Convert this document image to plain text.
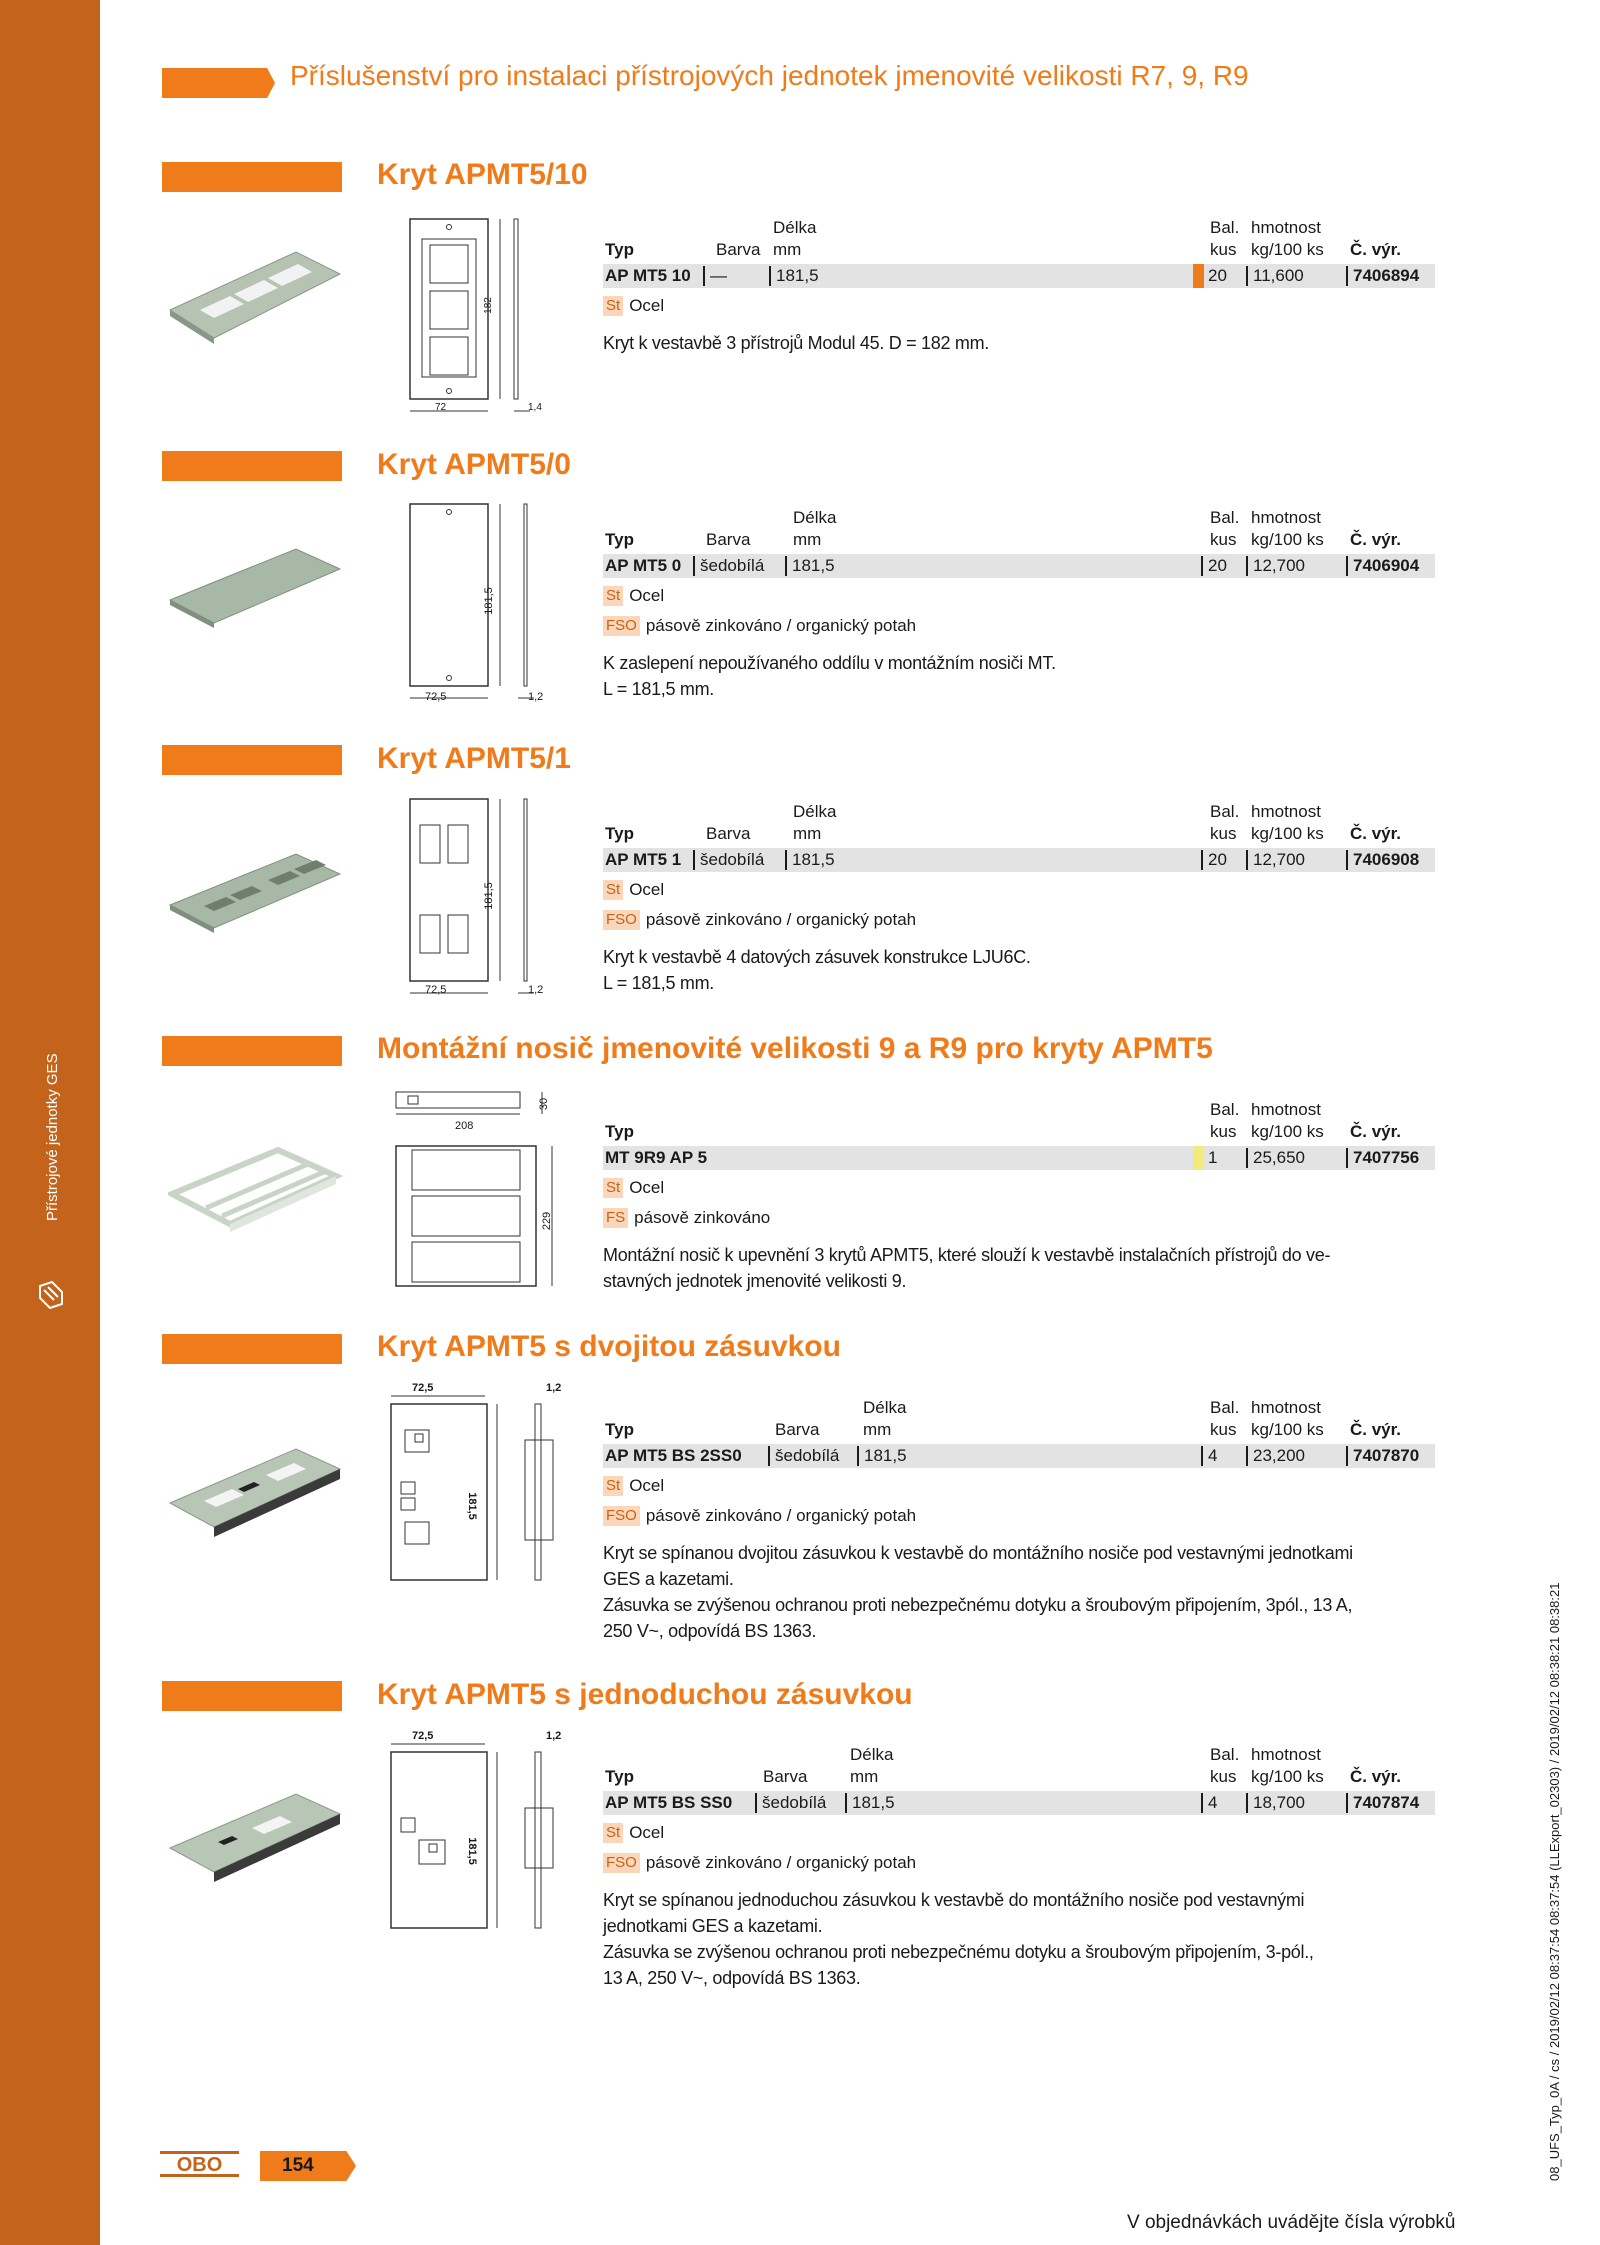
Příslušenství pro instalaci přístrojových jednotek jmenovité velikosti R7, 9, R9
Kryt APMT5/10
72
182
1,4
Délka	Bal. hmotnost
Typ	Barva mm	kus kg/100 ks Č. výr.
AP MT5 10	—	181,5	20	11,600	7406894
St Ocel
Kryt k vestavbě 3 přístrojů Modul 45. D = 182 mm.
Kryt APMT5/0
72,5
181,5
1,2
Délka	Bal. hmotnost
Typ	Barva	mm	kus kg/100 ks Č. výr.
AP MT5 0	šedobílá	181,5	20	12,700	7406904
St Ocel
FSO pásově zinkováno / organický potah
K zaslepení nepoužívaného oddílu v montážním nosiči MT.
L = 181,5 mm.
Kryt APMT5/1
72,5
181,5
1,2
Délka	Bal. hmotnost
Typ	Barva	mm	kus kg/100 ks Č. výr.
AP MT5 1	šedobílá	181,5	20	12,700	7406908
St Ocel
FSO pásově zinkováno / organický potah
Kryt k vestavbě 4 datových zásuvek konstrukce LJU6C.
L = 181,5 mm.
Montážní nosič jmenovité velikosti 9 a R9 pro kryty APMT5
208
229
30	Bal. hmotnost
Typ	kus kg/100 ks Č. výr.
MT 9R9 AP 5	1	25,650	7407756
St Ocel
FS pásově zinkováno
Montážní nosič k upevnění 3 krytů APMT5, které slouží k vestavbě instalačních přístrojů do ve-
stavných jednotek jmenovité velikosti 9.
Kryt APMT5 s dvojitou zásuvkou
72,5
181,5
1,2
Délka	Bal. hmotnost
Typ	Barva	mm	kus kg/100 ks Č. výr.
AP MT5 BS 2SS0	šedobílá	181,5	4	23,200	7407870
St Ocel
FSO pásově zinkováno / organický potah
Kryt se spínanou dvojitou zásuvkou k vestavbě do montážního nosiče pod vestavnými jednotkami
GES a kazetami.
Zásuvka se zvýšenou ochranou proti nebezpečnému dotyku a šroubovým připojením, 3pól., 13 A,
250 V~, odpovídá BS 1363.
Kryt APMT5 s jednoduchou zásuvkou
72,5
181,5
1,2
Délka	Bal. hmotnost
Typ	Barva	mm	kus kg/100 ks Č. výr.
AP MT5 BS SS0	šedobílá	181,5	4	18,700	7407874
St Ocel
FSO pásově zinkováno / organický potah
Kryt se spínanou jednoduchou zásuvkou k vestavbě do montážního nosiče pod vestavnými
jednotkami GES a kazetami.
Zásuvka se zvýšenou ochranou proti nebezpečnému dotyku a šroubovým připojením, 3-pól.,
13 A, 250 V~, odpovídá BS 1363.
OBO	154
V objednávkách uvádějte čísla výrobků
08_UFS_Typ_0A / cs / 2019/02/12 08:37:54 08:37:54 (LLExport_02303) / 2019/02/12 08:38:21 08:38:21
